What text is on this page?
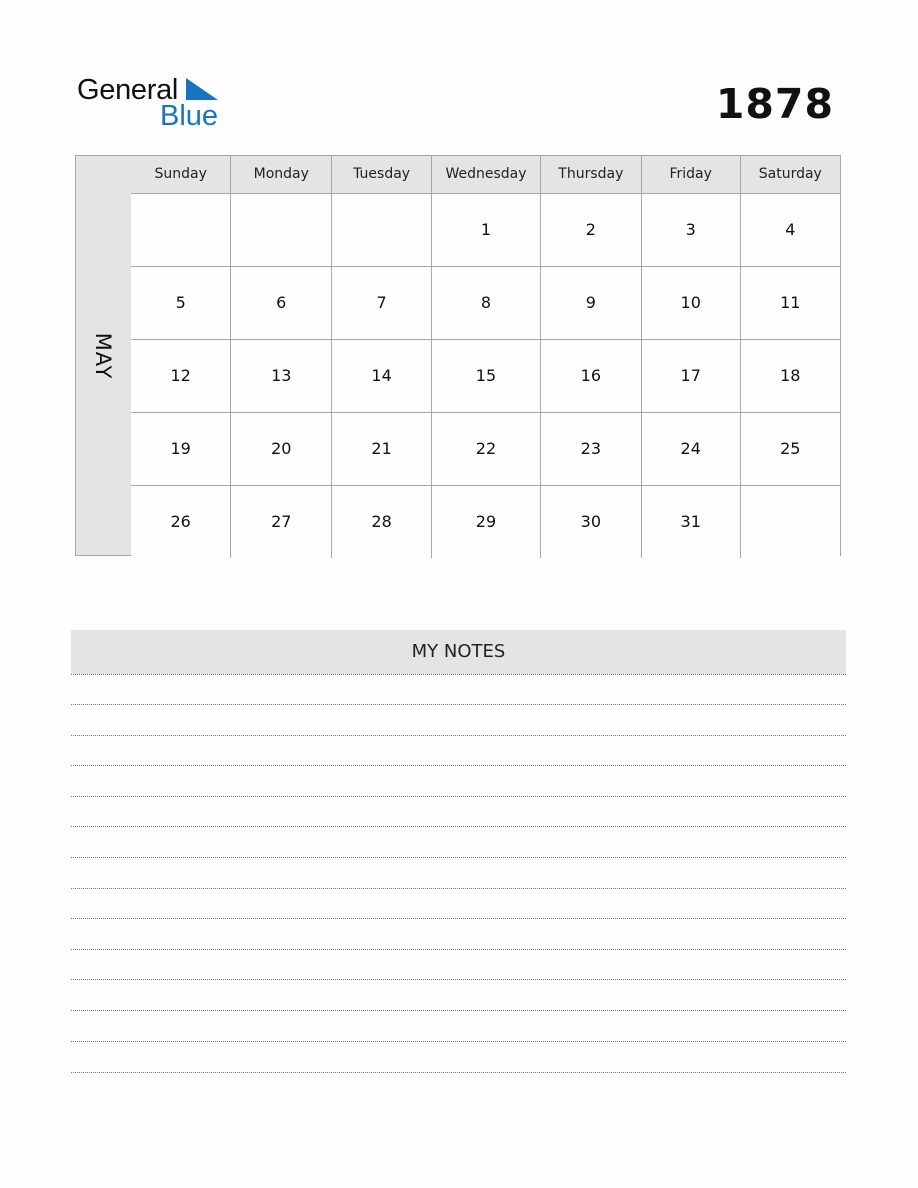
General
Blue	1878
MAY
Sunday	Monday	Tuesday	Wednesday	Thursday	Friday	Saturday
			1	2	3	4
5	6	7	8	9	10	11
12	13	14	15	16	17	18
19	20	21	22	23	24	25
26	27	28	29	30	31	
MY NOTES
